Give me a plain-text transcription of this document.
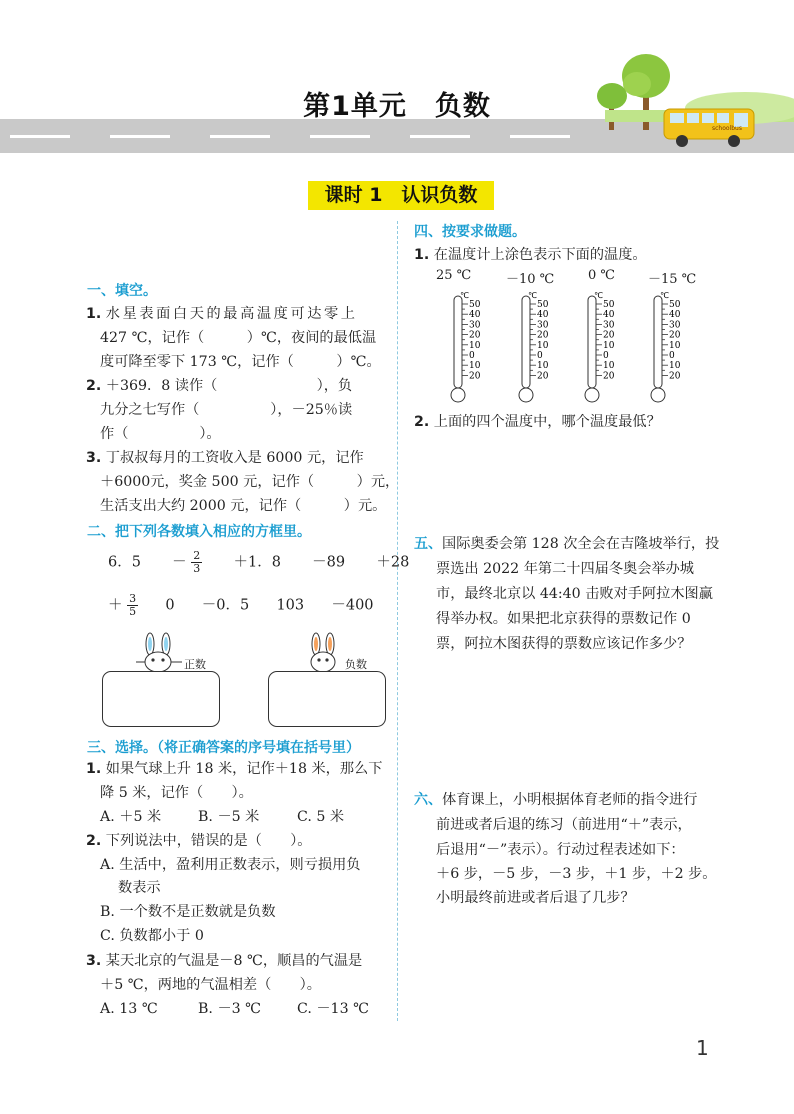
schoolbus
第1单元　负数
课时 1　认识负数
一、填空。
1. 水星表面白天的最高温度可达零上
427 ℃，记作（　　　）℃，夜间的最低温
度可降至零下 173 ℃，记作（　　　）℃。
2. ＋369．8 读作（　　　　　　　），负
九分之七写作（　　　　　），－25％读
作（　　　　　）。
3. 丁叔叔每月的工资收入是 6000 元，记作
＋6000元，奖金 500 元，记作（　　　）元，
生活支出大约 2000 元，记作（　　　）元。
二、把下列各数填入相应的方框里。
6．$5 - \frac{2}{3} +1$．8 －89 ＋28
＋ $\frac{3}{5} 0 -0$．5 103 －400
正数	负数
三、选择。（将正确答案的序号填在括号里）
1. 如果气球上升 18 米，记作＋18 米，那么下
降 5 米，记作（　　）。
A. ＋5 米	B. －5 米	C. 5 米
2. 下列说法中，错误的是（　　）。
A. 生活中，盈利用正数表示，则亏损用负
数表示
B. 一个数不是正数就是负数
C. 负数都小于 0
3. 某天北京的气温是－8 ℃，顺昌的气温是
＋5 ℃，两地的气温相差（　　）。
A. 13 ℃	B. －3 ℃	C. －13 ℃
四、按要求做题。
1. 在温度计上涂色表示下面的温度。
25 ℃	－10 ℃	0 ℃	－15 ℃
℃
50
40
30
20
10
0
10
20
℃
50
40
30
20
10
0
10
20
℃
50
40
30
20
10
0
10
20
℃
50
40
30
20
10
0
10
20
2. 上面的四个温度中，哪个温度最低？
五、国际奥委会第 128 次全会在吉隆坡举行，投
票选出 2022 年第二十四届冬奥会举办城
市，最终北京以 44:40 击败对手阿拉木图赢
得举办权。如果把北京获得的票数记作 0
票，阿拉木图获得的票数应该记作多少？
六、体育课上，小明根据体育老师的指令进行
前进或者后退的练习（前进用“＋”表示，
后退用“－”表示）。行动过程表述如下：
＋6 步，－5 步，－3 步，＋1 步，＋2 步。
小明最终前进或者后退了几步？
1
